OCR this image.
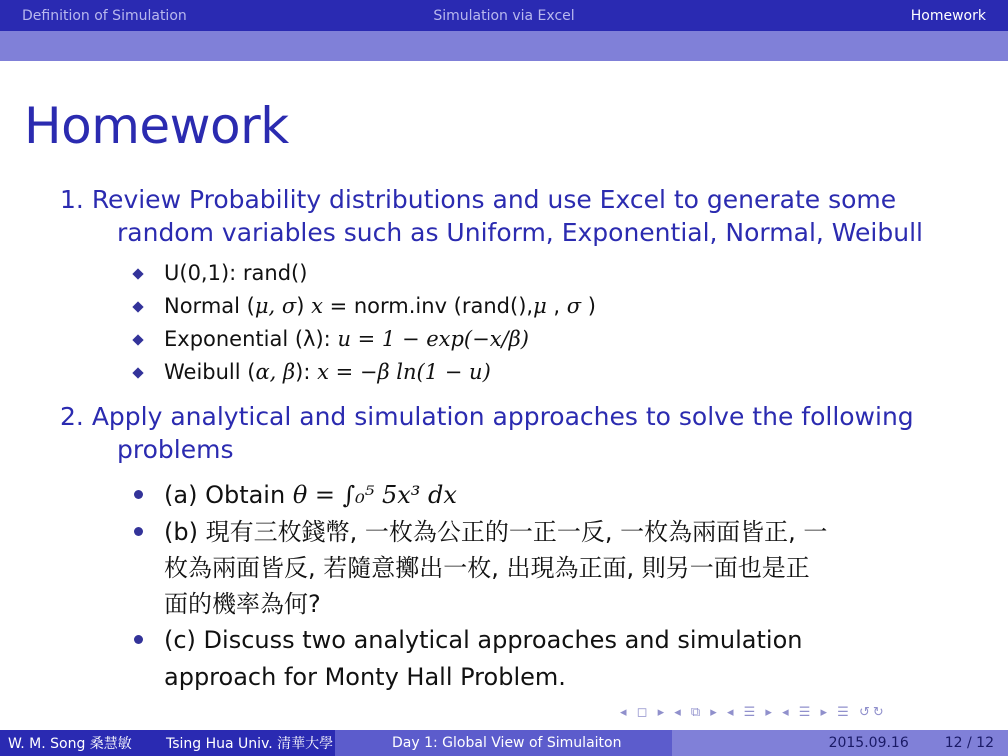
Definition of Simulation	Simulation via Excel	Homework
Homework
1. Review Probability distributions and use Excel to generate some
random variables such as Uniform, Exponential, Normal, Weibull
U(0,1): rand()
Normal (μ, σ) x = norm.inv (rand(),μ , σ )
Exponential (λ): u = 1 − exp(−x/β)
Weibull (α, β): x = −β ln(1 − u)
2. Apply analytical and simulation approaches to solve the following
problems
(a) Obtain θ = ∫₀⁵ 5x³ dx
(b) 現有三枚錢幣, 一枚為公正的一正一反, 一枚為兩面皆正, 一
枚為兩面皆反, 若隨意擲出一枚, 出現為正面, 則另一面也是正
面的機率為何?
(c) Discuss two analytical approaches and simulation
approach for Monty Hall Problem.
◂ ◻ ▸ ◂ ⧉ ▸ ◂ ☰ ▸ ◂ ☰ ▸ ☰ ↺↻
W. M. Song 桑慧敏	Tsing Hua Univ. 清華大學	Day 1: Global View of Simulaiton	2015.09.16	12 / 12
